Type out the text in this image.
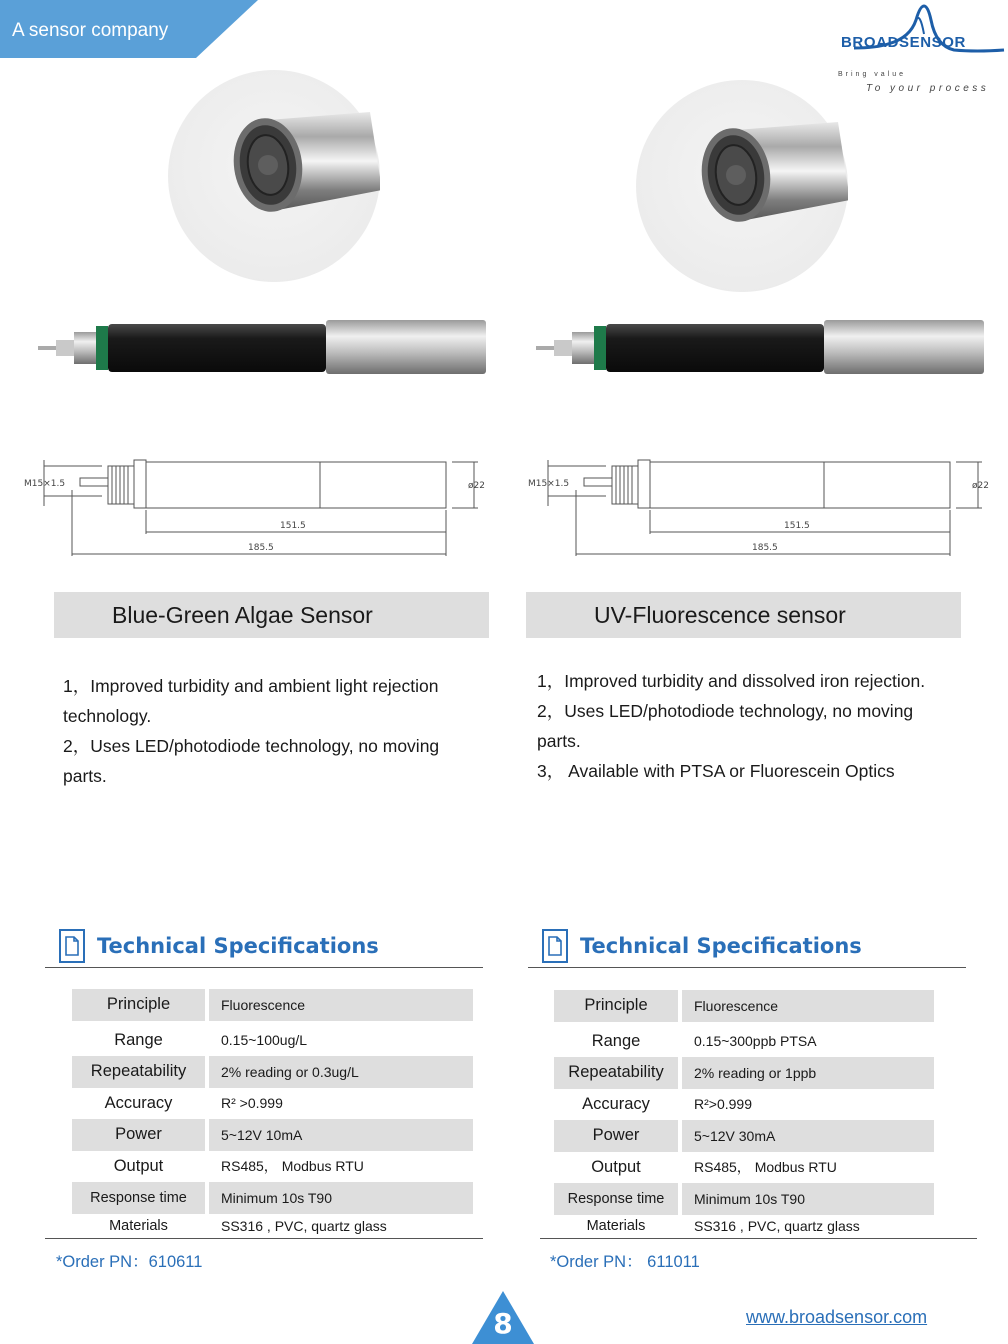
A sensor company
BROADSENSOR
Bring value
To your process
M15×1.5	ø22
151.5
185.5
M15×1.5	ø22
151.5
185.5
Blue-Green Algae Sensor	UV-Fluorescence sensor

1，Improved turbidity and ambient light rejection

technology.

2，Uses LED/photodiode technology, no moving

parts.

1，Improved turbidity and dissolved iron rejection.

2，Uses LED/photodiode technology, no moving

parts.

3， Available with PTSA or Fluorescein Optics

Technical Specifications	Technical Specifications
Principle	Fluorescence
Range	0.15~100ug/L
Repeatability	2% reading or 0.3ug/L
Accuracy	R² >0.999
Power	5~12V 10mA
Output	RS485， Modbus RTU
Response time	Minimum 10s T90
Materials	SS316 , PVC, quartz glass
Principle	Fluorescence
Range	0.15~300ppb PTSA
Repeatability	2% reading or 1ppb
Accuracy	R²>0.999
Power	5~12V 30mA
Output	RS485， Modbus RTU
Response time	Minimum 10s T90
Materials	SS316 , PVC, quartz glass
*Order PN：610611	*Order PN： 611011
8	www.broadsensor.com
